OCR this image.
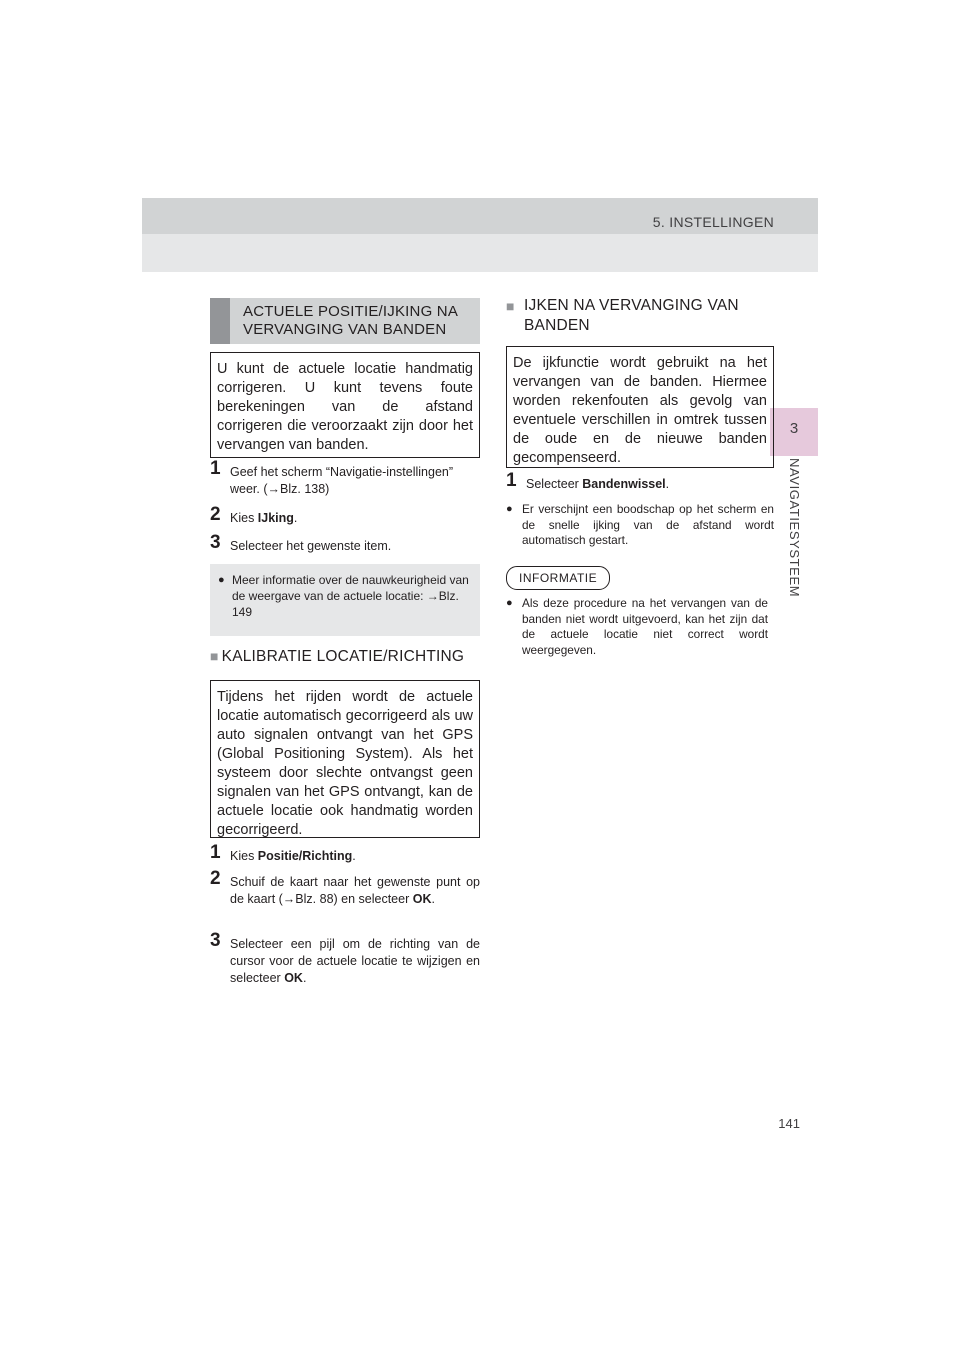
5. INSTELLINGEN
3
NAVIGATIESYSTEEM
ACTUELE POSITIE/IJKING NA VERVANGING VAN BANDEN
U kunt de actuele locatie handmatig corrigeren. U kunt tevens foute berekeningen van de afstand corrigeren die veroorzaakt zijn door het vervangen van banden.
1 Geef het scherm “Navigatie-instellingen” weer. (→Blz. 138)
2 Kies IJking.
3 Selecteer het gewenste item.
● Meer informatie over de nauwkeurigheid van de weergave van de actuele locatie: →Blz. 149
■ KALIBRATIE LOCATIE/RICHTING
Tijdens het rijden wordt de actuele locatie automatisch gecorrigeerd als uw auto signalen ontvangt van het GPS (Global Positioning System). Als het systeem door slechte ontvangst geen signalen van het GPS ontvangt, kan de actuele locatie ook handmatig worden gecorrigeerd.
1 Kies Positie/Richting.
2 Schuif de kaart naar het gewenste punt op de kaart (→Blz. 88) en selecteer OK.
3 Selecteer een pijl om de richting van de cursor voor de actuele locatie te wijzigen en selecteer OK.
■ IJKEN NA VERVANGING VAN BANDEN
De ijkfunctie wordt gebruikt na het vervangen van de banden. Hiermee worden rekenfouten als gevolg van eventuele verschillen in omtrek tussen de oude en de nieuwe banden gecompenseerd.
1 Selecteer Bandenwissel.
● Er verschijnt een boodschap op het scherm en de snelle ijking van de afstand wordt automatisch gestart.
INFORMATIE
● Als deze procedure na het vervangen van de banden niet wordt uitgevoerd, kan het zijn dat de actuele locatie niet correct wordt weergegeven.
141
